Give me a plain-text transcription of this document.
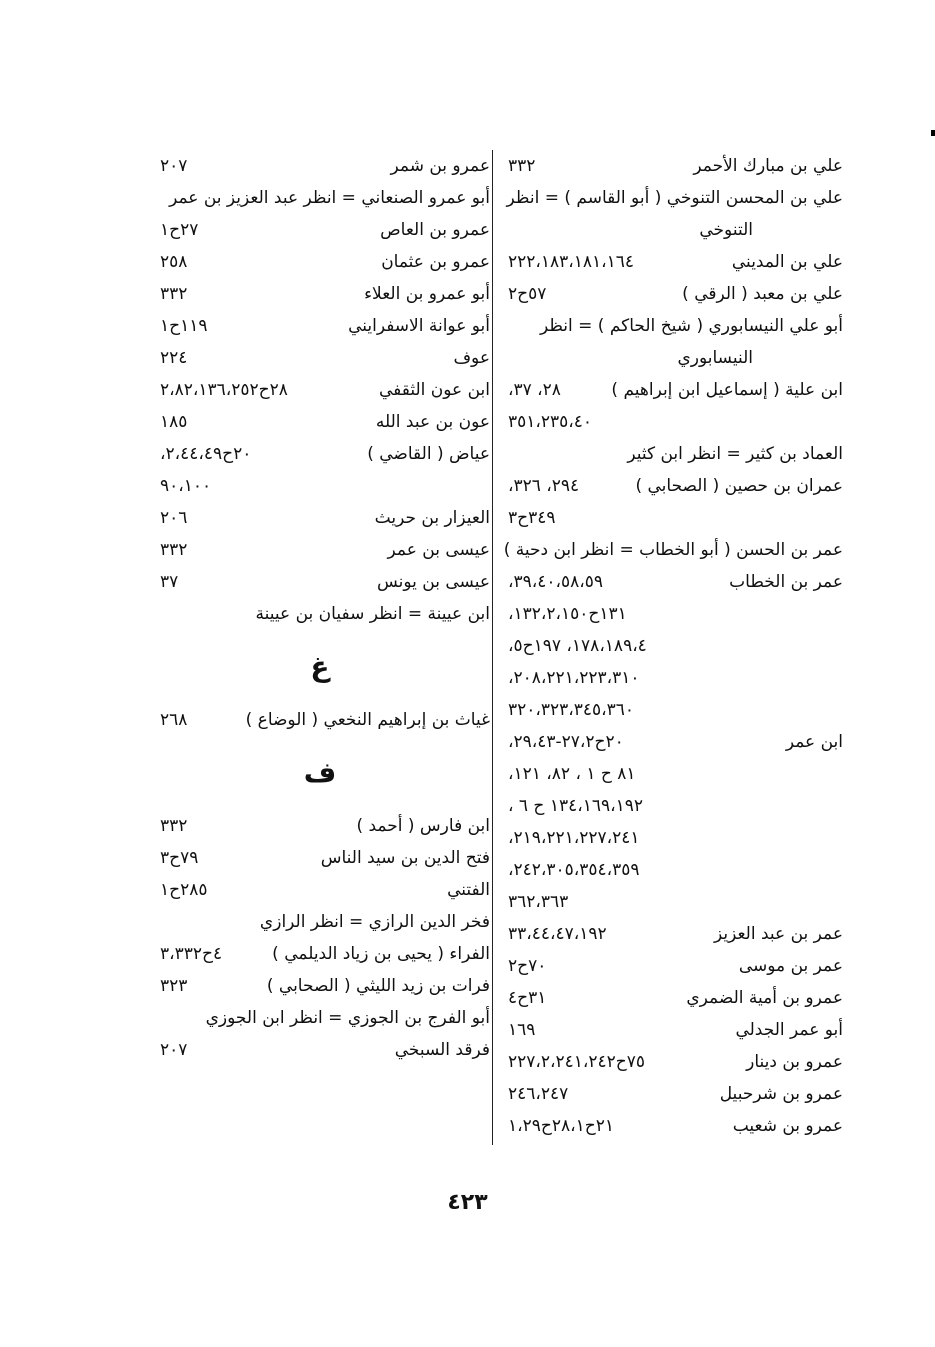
علي بن مبارك الأحمر
٣٣٢
علي بن المحسن التنوخي ( أبو القاسم ) = انظر
التنوخي
علي بن المديني
٢٢٢،١٨٣،١٨١،١٦٤
علي بن معبد ( الرقي )
٥٧ح٢
أبو علي النيسابوري ( شيخ الحاكم ) = انظر
النيسابوري
ابن علية ( إسماعيل ابن إبراهيم )
٢٨، ٣٧،
٣٥١،٢٣٥،٤٠
العماد بن كثير = انظر ابن كثير
عمران بن حصين ( الصحابي )
٢٩٤، ٣٢٦،
٣٤٩ح٣
عمر بن الحسن ( أبو الخطاب = انظر ابن دحية )
عمر بن الخطاب
٣٩،٤٠،٥٨،٥٩،
١٣١ح١٣٢،٢،١٥٠،
١٧٨،١٨٩،٤، ١٩٧ح٥،
٢٠٨،٢٢١،٢٢٣،٣١٠،
٣٢٠،٣٢٣،٣٤٥،٣٦٠
ابن عمر
٢٠ح٢٧،٢-٢٩،٤٣،
٨١ ح ١ ، ٨٢، ١٢١،
١٣٤،١٦٩،١٩٢ ح ٦ ،
٢١٩،٢٢١،٢٢٧،٢٤١،
٢٤٢،٣٠٥،٣٥٤،٣٥٩،
٣٦٢،٣٦٣
عمر بن عبد العزيز
٣٣،٤٤،٤٧،١٩٢
عمر بن موسى
٧٠ح٢
عمرو بن أمية الضمري
٣١ح٤
أبو عمر الجدلي
١٦٩
عمرو بن دينار
٧٥ح٢٢٧،٢،٢٤١،٢٤٢
عمرو بن شرحبيل
٢٤٦،٢٤٧
عمرو بن شعيب
٢١ح٢٨،١ح١،٢٩
عمرو بن شمر
٢٠٧
أبو عمرو الصنعاني = انظر عبد العزيز بن عمر
عمرو بن العاص
٢٧ح١
عمرو بن عثمان
٢٥٨
أبو عمرو بن العلاء
٣٣٢
أبو عوانة الاسفرايني
١١٩ح١
عوف
٢٢٤
ابن عون الثقفي
٢٨ح٢،٨٢،١٣٦،٢٥٢
عون بن عبد الله
١٨٥
عياض ( القاضي )
٢٠ح٢،٤٤،٤٩،
٩٠،١٠٠
العيزار بن حريث
٢٠٦
عيسى بن عمر
٣٣٢
عيسى بن يونس
٣٧
ابن عيينة = انظر سفيان بن عيينة
غ
غياث بن إبراهيم النخعي ( الوضاع )
٢٦٨
ف
ابن فارس ( أحمد )
٣٣٢
فتح الدين بن سيد الناس
٧٩ح٣
الفتني
٢٨٥ح١
فخر الدين الرازي = انظر الرازي
الفراء ( يحيى بن زياد الديلمي )
٤ح٣،٣٣٢
فرات بن زيد الليثي ( الصحابي )
٣٢٣
أبو الفرج بن الجوزي = انظر ابن الجوزي
فرقد السبخي
٢٠٧
٤٢٣
